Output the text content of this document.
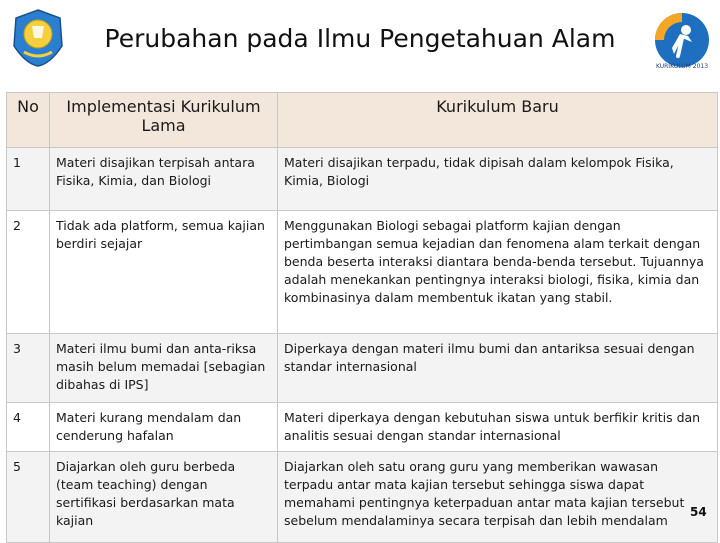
Perubahan pada Ilmu Pengetahuan Alam
KURIKULUM 2013
No	Implementasi Kurikulum Lama	Kurikulum Baru
1	Materi disajikan terpisah antara Fisika, Kimia, dan Biologi	Materi disajikan terpadu, tidak dipisah dalam kelompok Fisika, Kimia, Biologi
2	Tidak ada platform, semua kajian berdiri sejajar	Menggunakan Biologi sebagai platform kajian dengan pertimbangan semua kejadian dan fenomena alam terkait dengan benda beserta interaksi diantara benda-benda tersebut. Tujuannya adalah menekankan pentingnya interaksi biologi, fisika, kimia dan kombinasinya dalam membentuk ikatan yang stabil.
3	Materi ilmu bumi dan anta-riksa masih belum memadai [sebagian dibahas di IPS]	Diperkaya dengan materi ilmu bumi dan antariksa sesuai dengan standar internasional
4	Materi kurang mendalam dan cenderung hafalan	Materi diperkaya dengan kebutuhan siswa untuk berfikir kritis dan analitis sesuai dengan standar internasional
5	Diajarkan oleh guru berbeda (team teaching) dengan sertifikasi berdasarkan mata kajian	Diajarkan oleh satu orang guru yang memberikan wawasan terpadu antar mata kajian tersebut sehingga siswa dapat memahami pentingnya keterpaduan antar mata kajian tersebut sebelum mendalaminya secara terpisah dan lebih mendalam
54
